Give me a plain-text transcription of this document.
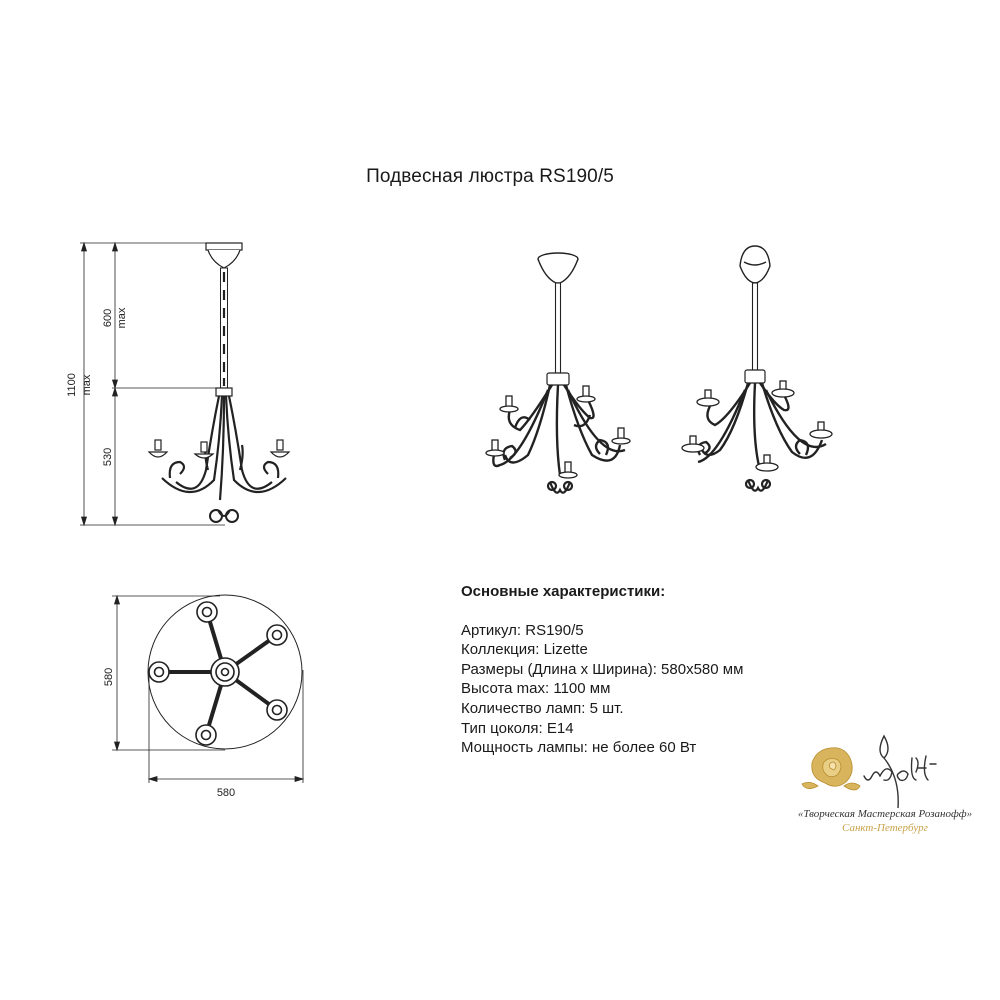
Подвесная люстра RS190/5
1100 max
600 max
530
580
580
Основные характеристики:
Артикул: RS190/5
Коллекция: Lizette
Размеры (Длина x Ширина): 580x580 мм
Высота max: 1100 мм
Количество ламп: 5 шт.
Тип цоколя: E14
Мощность лампы: не более 60 Вт
«Творческая Мастерская Розанофф»
Санкт-Петербург
